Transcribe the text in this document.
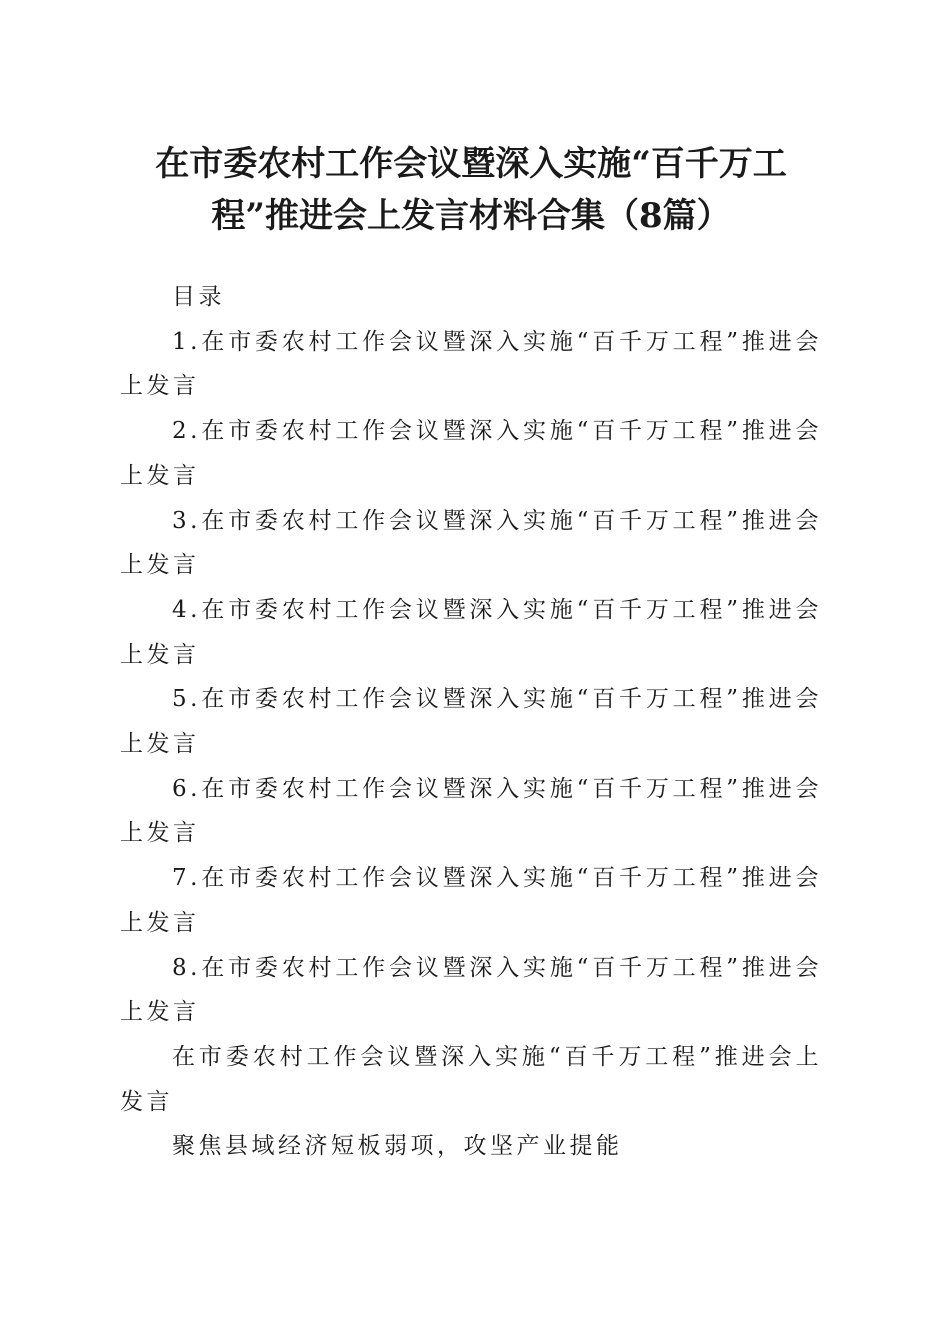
在市委农村工作会议暨深入实施“百千万工
程”推进会上发言材料合集（8篇）

目录

1.在市委农村工作会议暨深入实施“百千万工程”推进会上发言

2.在市委农村工作会议暨深入实施“百千万工程”推进会上发言

3.在市委农村工作会议暨深入实施“百千万工程”推进会上发言

4.在市委农村工作会议暨深入实施“百千万工程”推进会上发言

5.在市委农村工作会议暨深入实施“百千万工程”推进会上发言

6.在市委农村工作会议暨深入实施“百千万工程”推进会上发言

7.在市委农村工作会议暨深入实施“百千万工程”推进会上发言

8.在市委农村工作会议暨深入实施“百千万工程”推进会上发言

在市委农村工作会议暨深入实施“百千万工程”推进会上发言

聚焦县域经济短板弱项，攻坚产业提能
